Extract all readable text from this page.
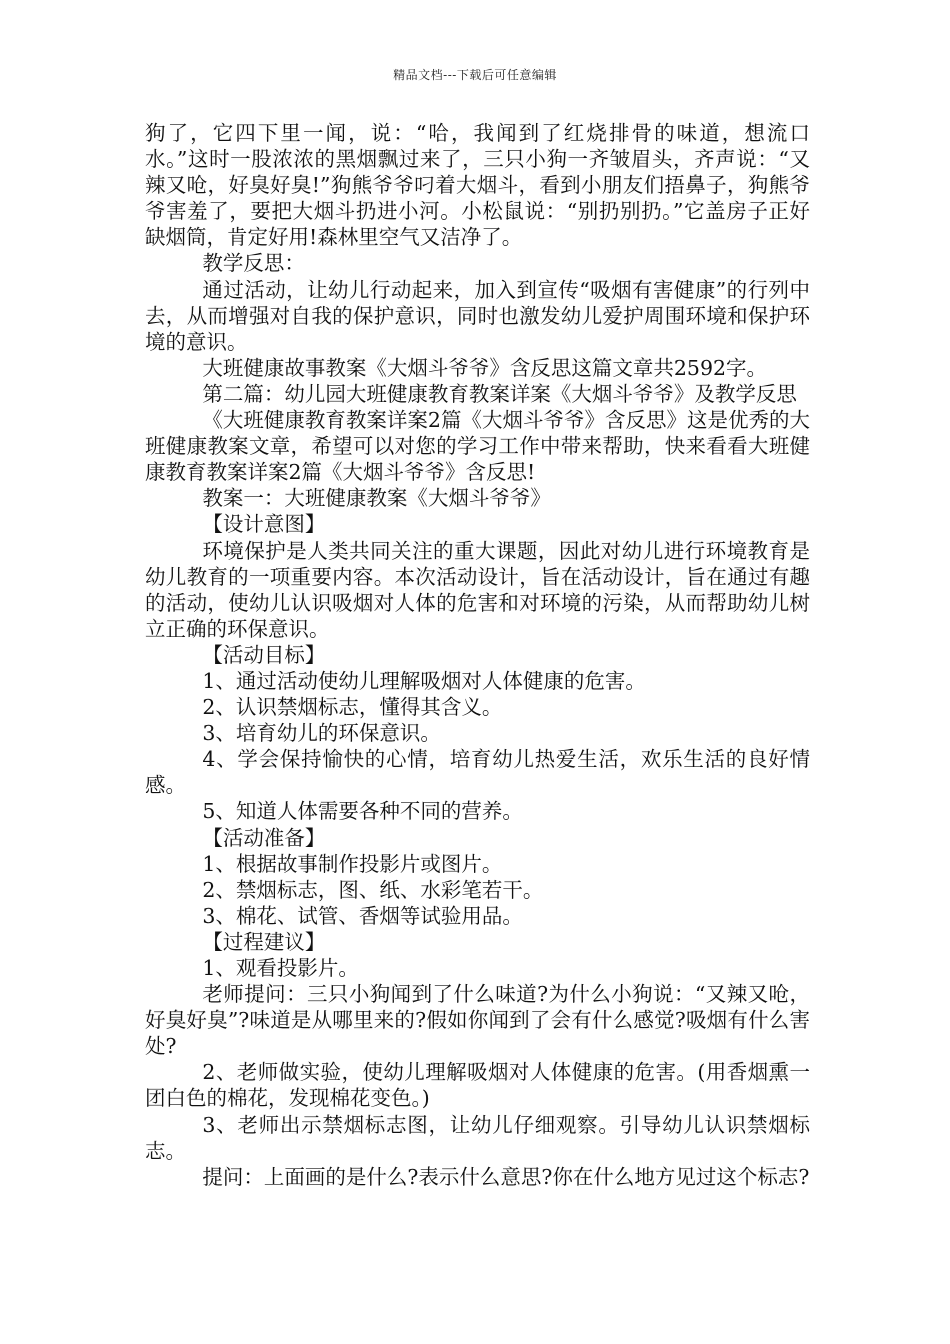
精品文档---下载后可任意编辑

狗了，它四下里一闻，说：“哈，我闻到了红烧排骨的味道，想流口水。”这时一股浓浓的黑烟飘过来了，三只小狗一齐皱眉头，齐声说：“又辣又呛，好臭好臭!”狗熊爷爷叼着大烟斗，看到小朋友们捂鼻子，狗熊爷爷害羞了，要把大烟斗扔进小河。小松鼠说：“别扔别扔。”它盖房子正好缺烟筒，肯定好用!森林里空气又洁净了。

教学反思：

通过活动，让幼儿行动起来，加入到宣传“吸烟有害健康”的行列中去，从而增强对自我的保护意识，同时也激发幼儿爱护周围环境和保护环境的意识。

大班健康故事教案《大烟斗爷爷》含反思这篇文章共2592字。

第二篇：幼儿园大班健康教育教案详案《大烟斗爷爷》及教学反思

《大班健康教育教案详案2篇《大烟斗爷爷》含反思》这是优秀的大班健康教案文章，希望可以对您的学习工作中带来帮助，快来看看大班健康教育教案详案2篇《大烟斗爷爷》含反思!

教案一：大班健康教案《大烟斗爷爷》

【设计意图】

环境保护是人类共同关注的重大课题，因此对幼儿进行环境教育是幼儿教育的一项重要内容。本次活动设计，旨在活动设计，旨在通过有趣的活动，使幼儿认识吸烟对人体的危害和对环境的污染，从而帮助幼儿树立正确的环保意识。

【活动目标】

1、通过活动使幼儿理解吸烟对人体健康的危害。

2、认识禁烟标志，懂得其含义。

3、培育幼儿的环保意识。

4、学会保持愉快的心情，培育幼儿热爱生活，欢乐生活的良好情感。

5、知道人体需要各种不同的营养。

【活动准备】

1、根据故事制作投影片或图片。

2、禁烟标志，图、纸、水彩笔若干。

3、棉花、试管、香烟等试验用品。

【过程建议】

1、观看投影片。

老师提问：三只小狗闻到了什么味道?为什么小狗说：“又辣又呛，好臭好臭”?味道是从哪里来的?假如你闻到了会有什么感觉?吸烟有什么害处?

2、老师做实验，使幼儿理解吸烟对人体健康的危害。(用香烟熏一团白色的棉花，发现棉花变色。)

3、老师出示禁烟标志图，让幼儿仔细观察。引导幼儿认识禁烟标志。

提问：上面画的是什么?表示什么意思?你在什么地方见过这个标志?
